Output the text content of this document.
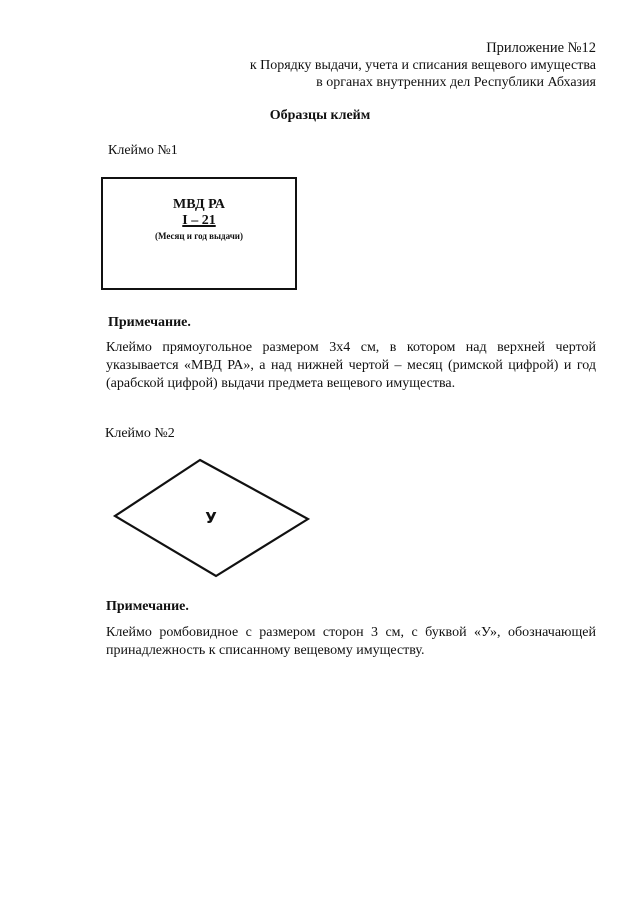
Приложение №12
к Порядку выдачи, учета и списания вещевого имущества
в органах внутренних дел Республики Абхазия
Образцы клейм
Клеймо №1
МВД РА
I – 21
(Месяц и год выдачи)
Примечание.
Клеймо прямоугольное размером 3х4 см, в котором над верхней чертой указывается «МВД РА», а над нижней чертой – месяц (римской цифрой) и год (арабской цифрой) выдачи предмета вещевого имущества.
Клеймо №2
У
Примечание.
Клеймо ромбовидное с размером сторон 3 см, с буквой «У», обозначающей принадлежность к списанному вещевому имуществу.
